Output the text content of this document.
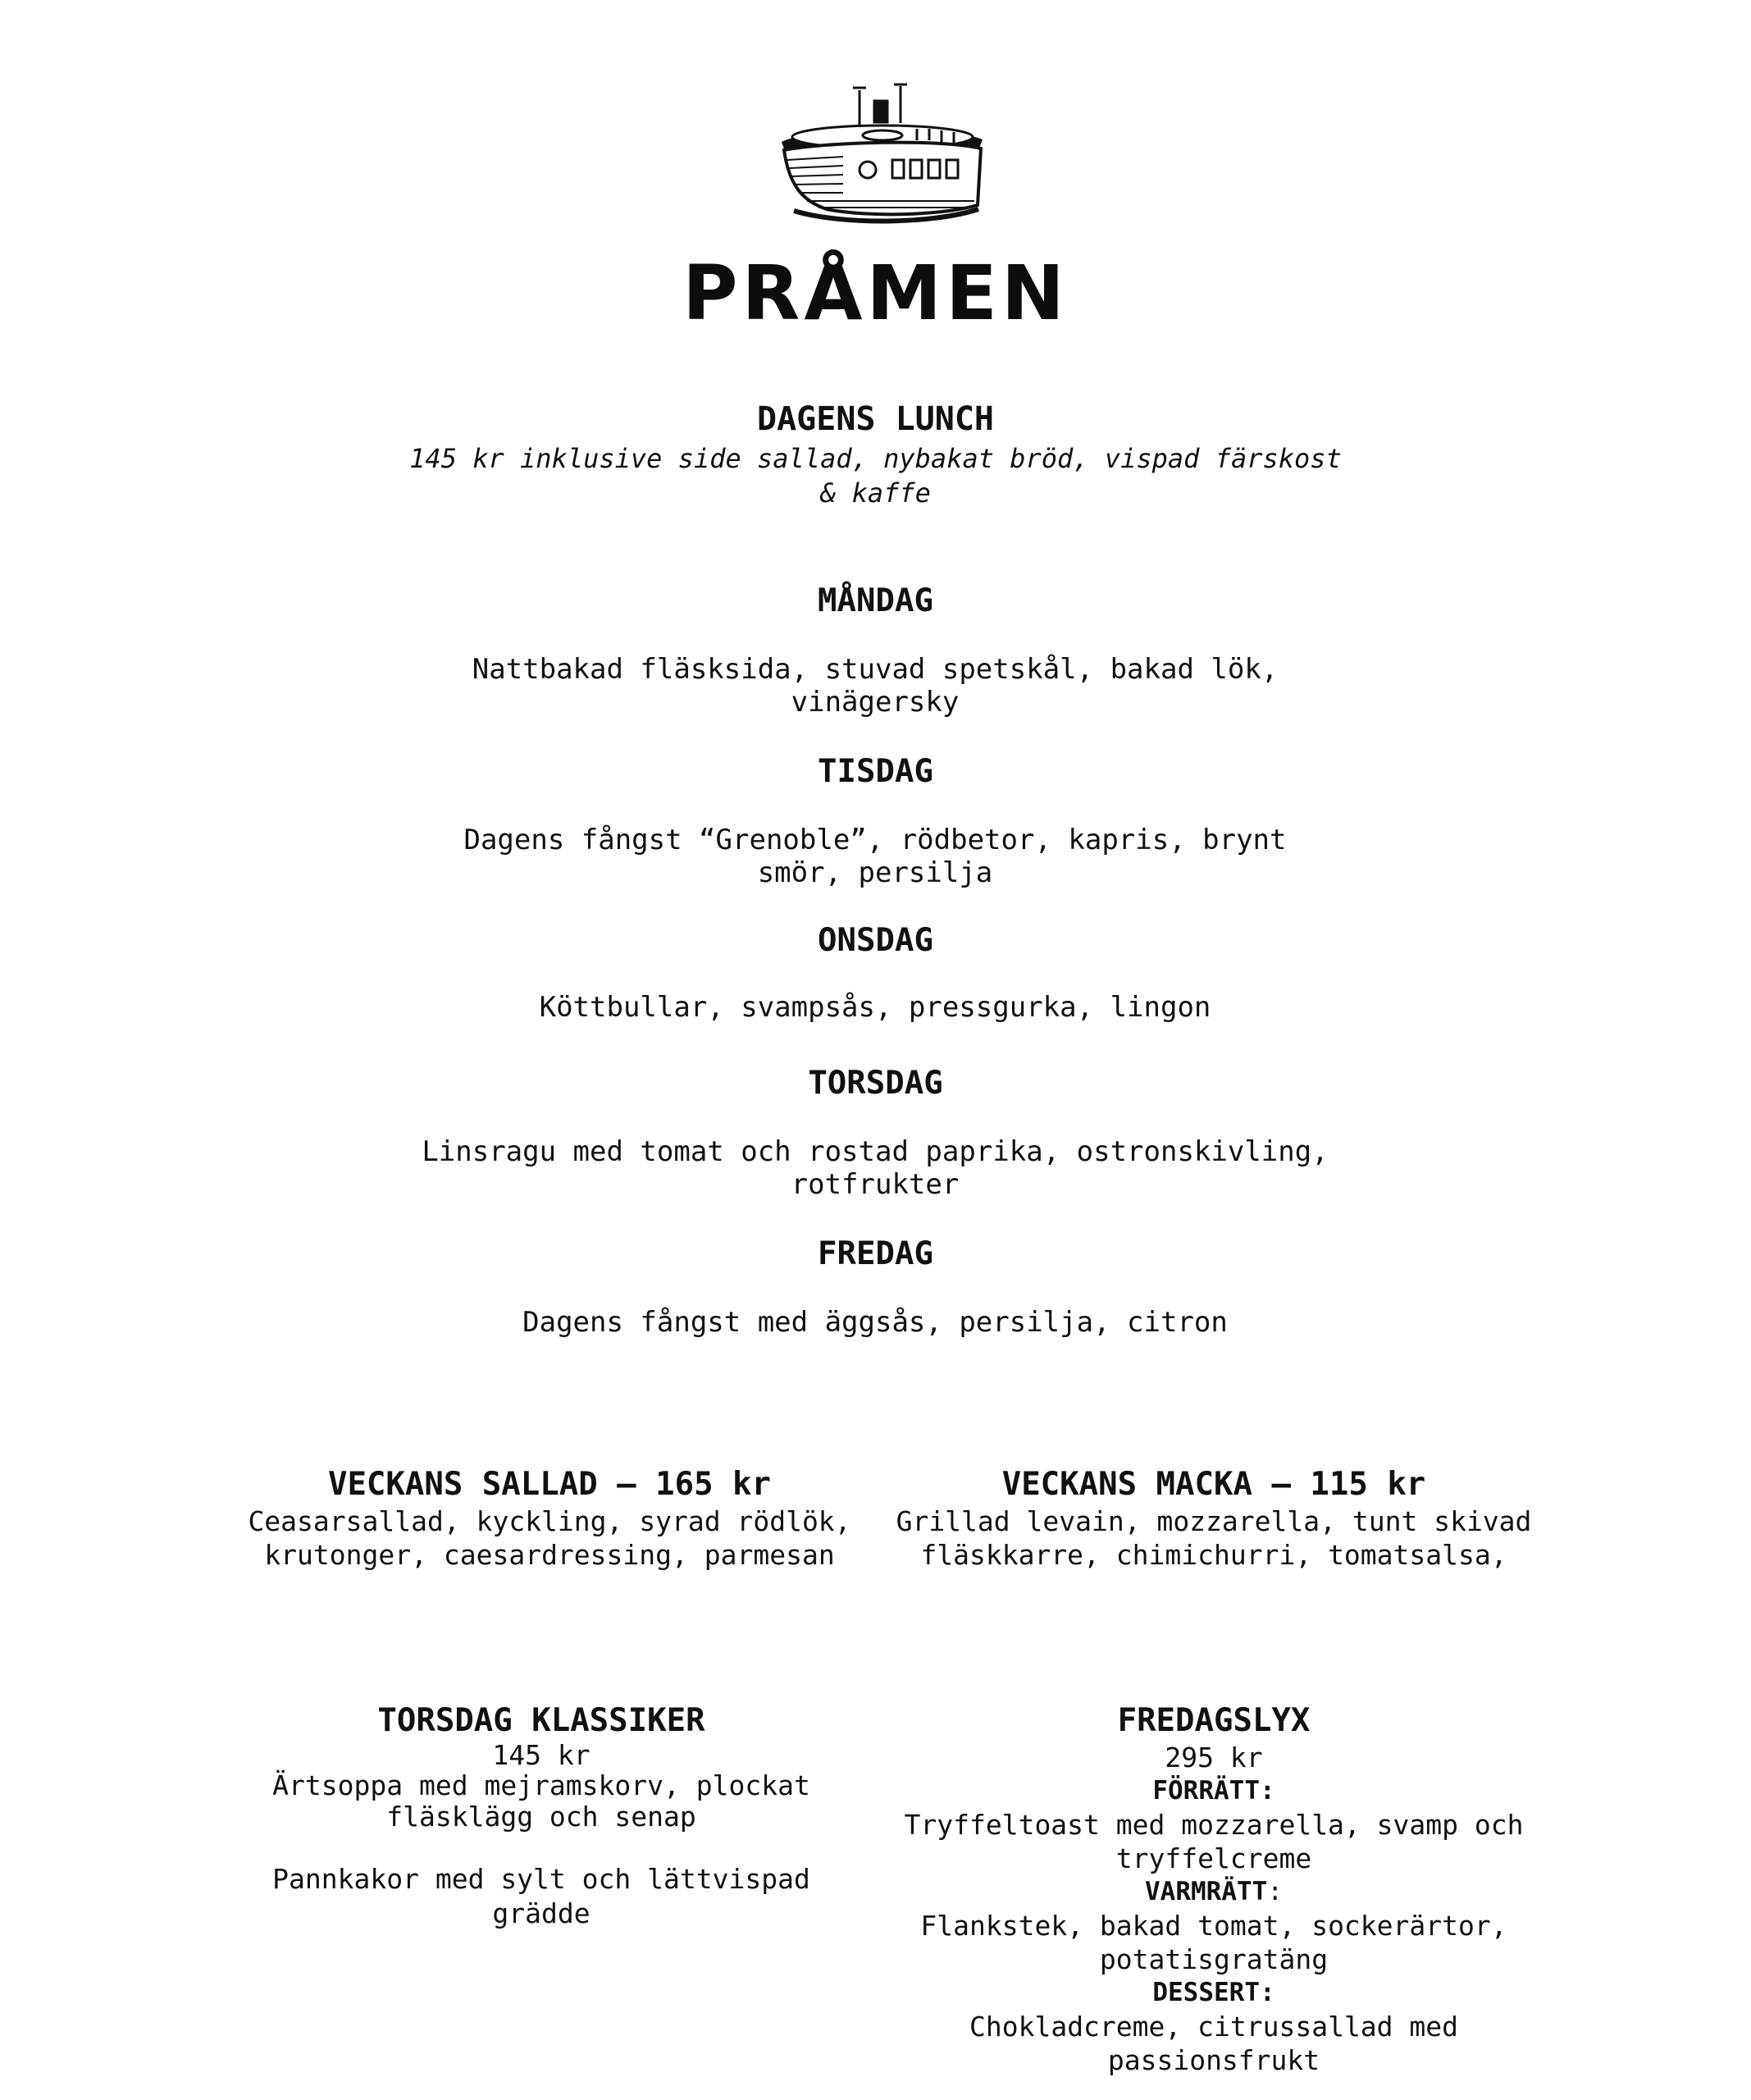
PRÅMEN
DAGENS LUNCH
145 kr inklusive side sallad, nybakat bröd, vispad färskost
& kaffe
MÅNDAG
Nattbakad fläsksida, stuvad spetskål, bakad lök,
vinägersky
TISDAG
Dagens fångst “Grenoble”, rödbetor, kapris, brynt
smör, persilja
ONSDAG
Köttbullar, svampsås, pressgurka, lingon
TORSDAG
Linsragu med tomat och rostad paprika, ostronskivling,
rotfrukter
FREDAG
Dagens fångst med äggsås, persilja, citron
VECKANS SALLAD – 165 kr
Ceasarsallad, kyckling, syrad rödlök,
krutonger, caesardressing, parmesan
VECKANS MACKA – 115 kr
Grillad levain, mozzarella, tunt skivad
fläskkarre, chimichurri, tomatsalsa,
TORSDAG KLASSIKER
145 kr
Ärtsoppa med mejramskorv, plockat
fläsklägg och senap
Pannkakor med sylt och lättvispad
grädde
FREDAGSLYX
295 kr
FÖRRÄTT:
Tryffeltoast med mozzarella, svamp och
tryffelcreme
VARMRÄTT:
Flankstek, bakad tomat, sockerärtor,
potatisgratäng
DESSERT:
Chokladcreme, citrussallad med
passionsfrukt
